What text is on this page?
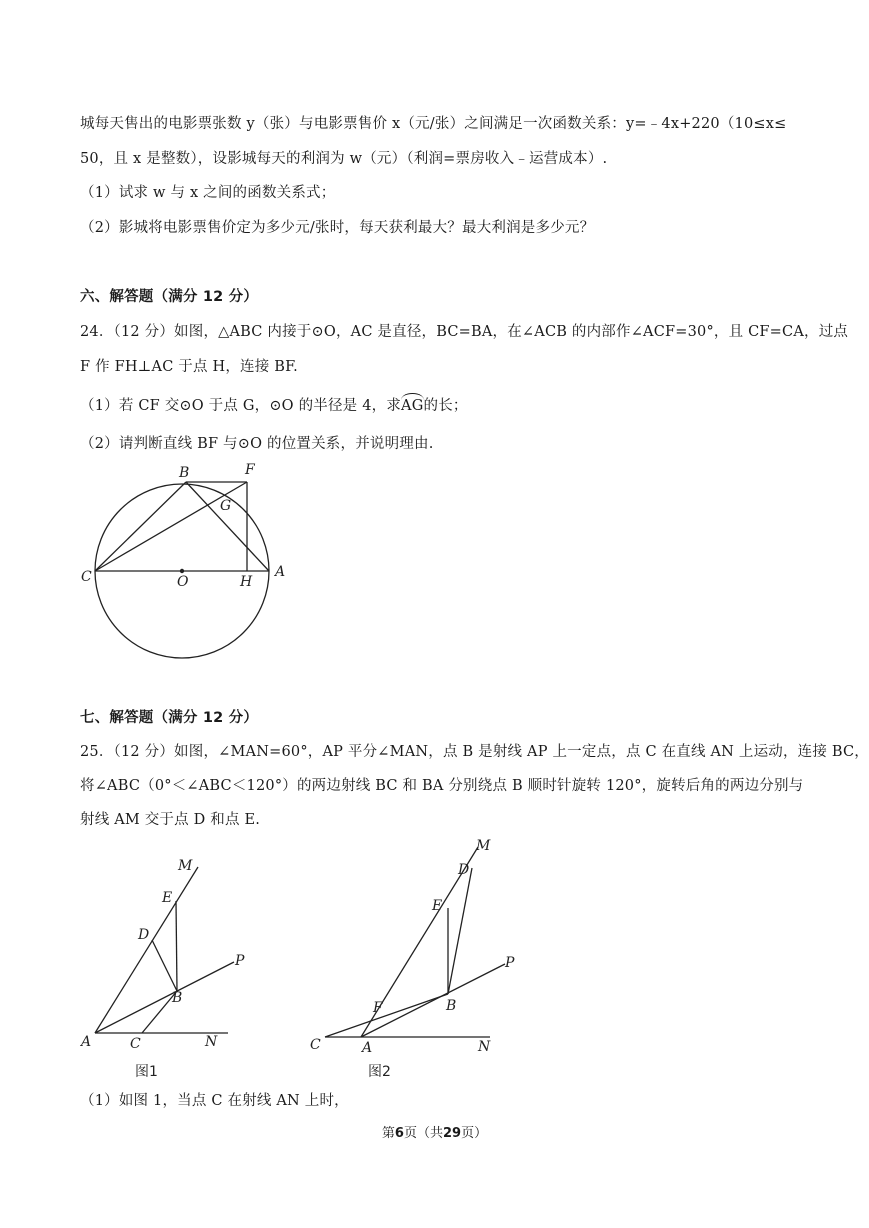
城每天售出的电影票张数 y（张）与电影票售价 x（元/张）之间满足一次函数关系：y=﹣4x+220（10≤x≤
50，且 x 是整数），设影城每天的利润为 w（元）（利润=票房收入﹣运营成本）.
（1）试求 w 与 x 之间的函数关系式；
（2）影城将电影票售价定为多少元/张时，每天获利最大？最大利润是多少元？
六、解答题（满分 12 分）
24．（12 分）如图，△ABC 内接于⊙O，AC 是直径，BC=BA，在∠ACB 的内部作∠ACF=30°，且 CF=CA，过点
F 作 FH⊥AC 于点 H，连接 BF.
（1）若 CF 交⊙O 于点 G，⊙O 的半径是 4，求AG的长；
（2）请判断直线 BF 与⊙O 的位置关系，并说明理由.
B	F
G
C	O	H
A
七、解答题（满分 12 分）
25．（12 分）如图，∠MAN=60°，AP 平分∠MAN，点 B 是射线 AP 上一定点，点 C 在直线 AN 上运动，连接 BC，
将∠ABC（0°＜∠ABC＜120°）的两边射线 BC 和 BA 分别绕点 B 顺时针旋转 120°，旋转后角的两边分别与
射线 AM 交于点 D 和点 E.
M
E
D
P
B
A	C	N
图1
M
D
E
P
F	B
C	A	N
图2
（1）如图 1，当点 C 在射线 AN 上时，
第6页（共29页）
